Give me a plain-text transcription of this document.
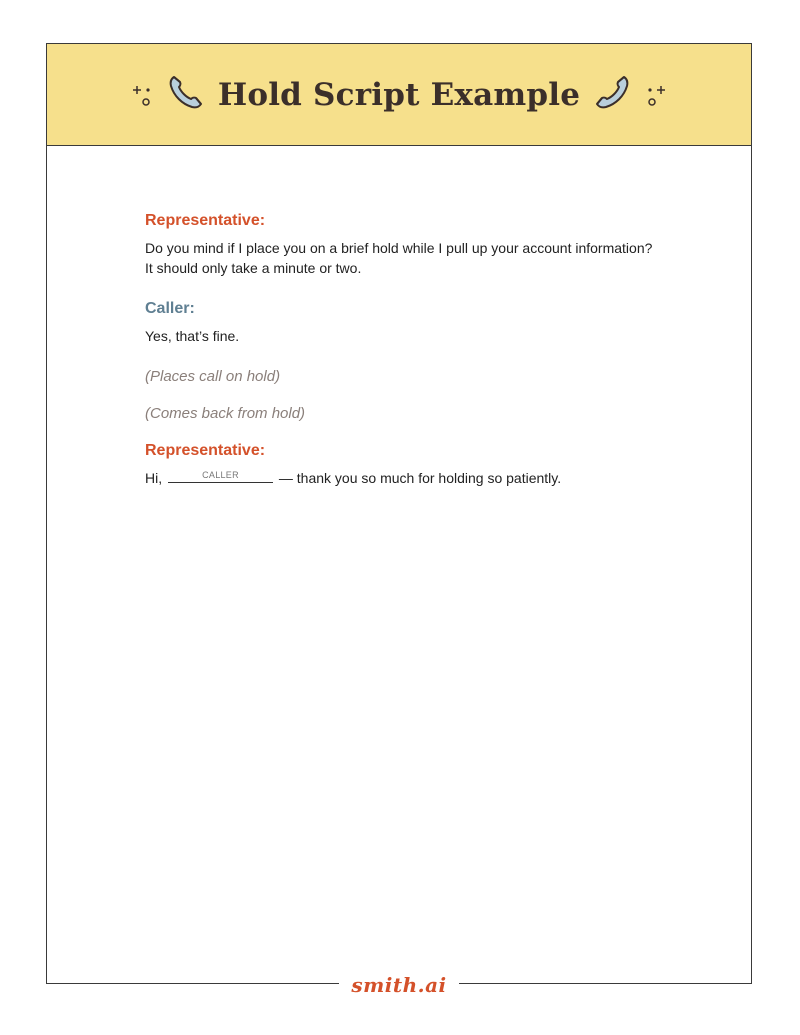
Hold Script Example

Representative:

Do you mind if I place you on a brief hold while I pull up your account information?

It should only take a minute or two.

Caller:

Yes, that’s fine.

(Places call on hold)

(Comes back from hold)

Representative:

Hi,	CALLER	— thank you so much for holding so patiently.

smith.ai
